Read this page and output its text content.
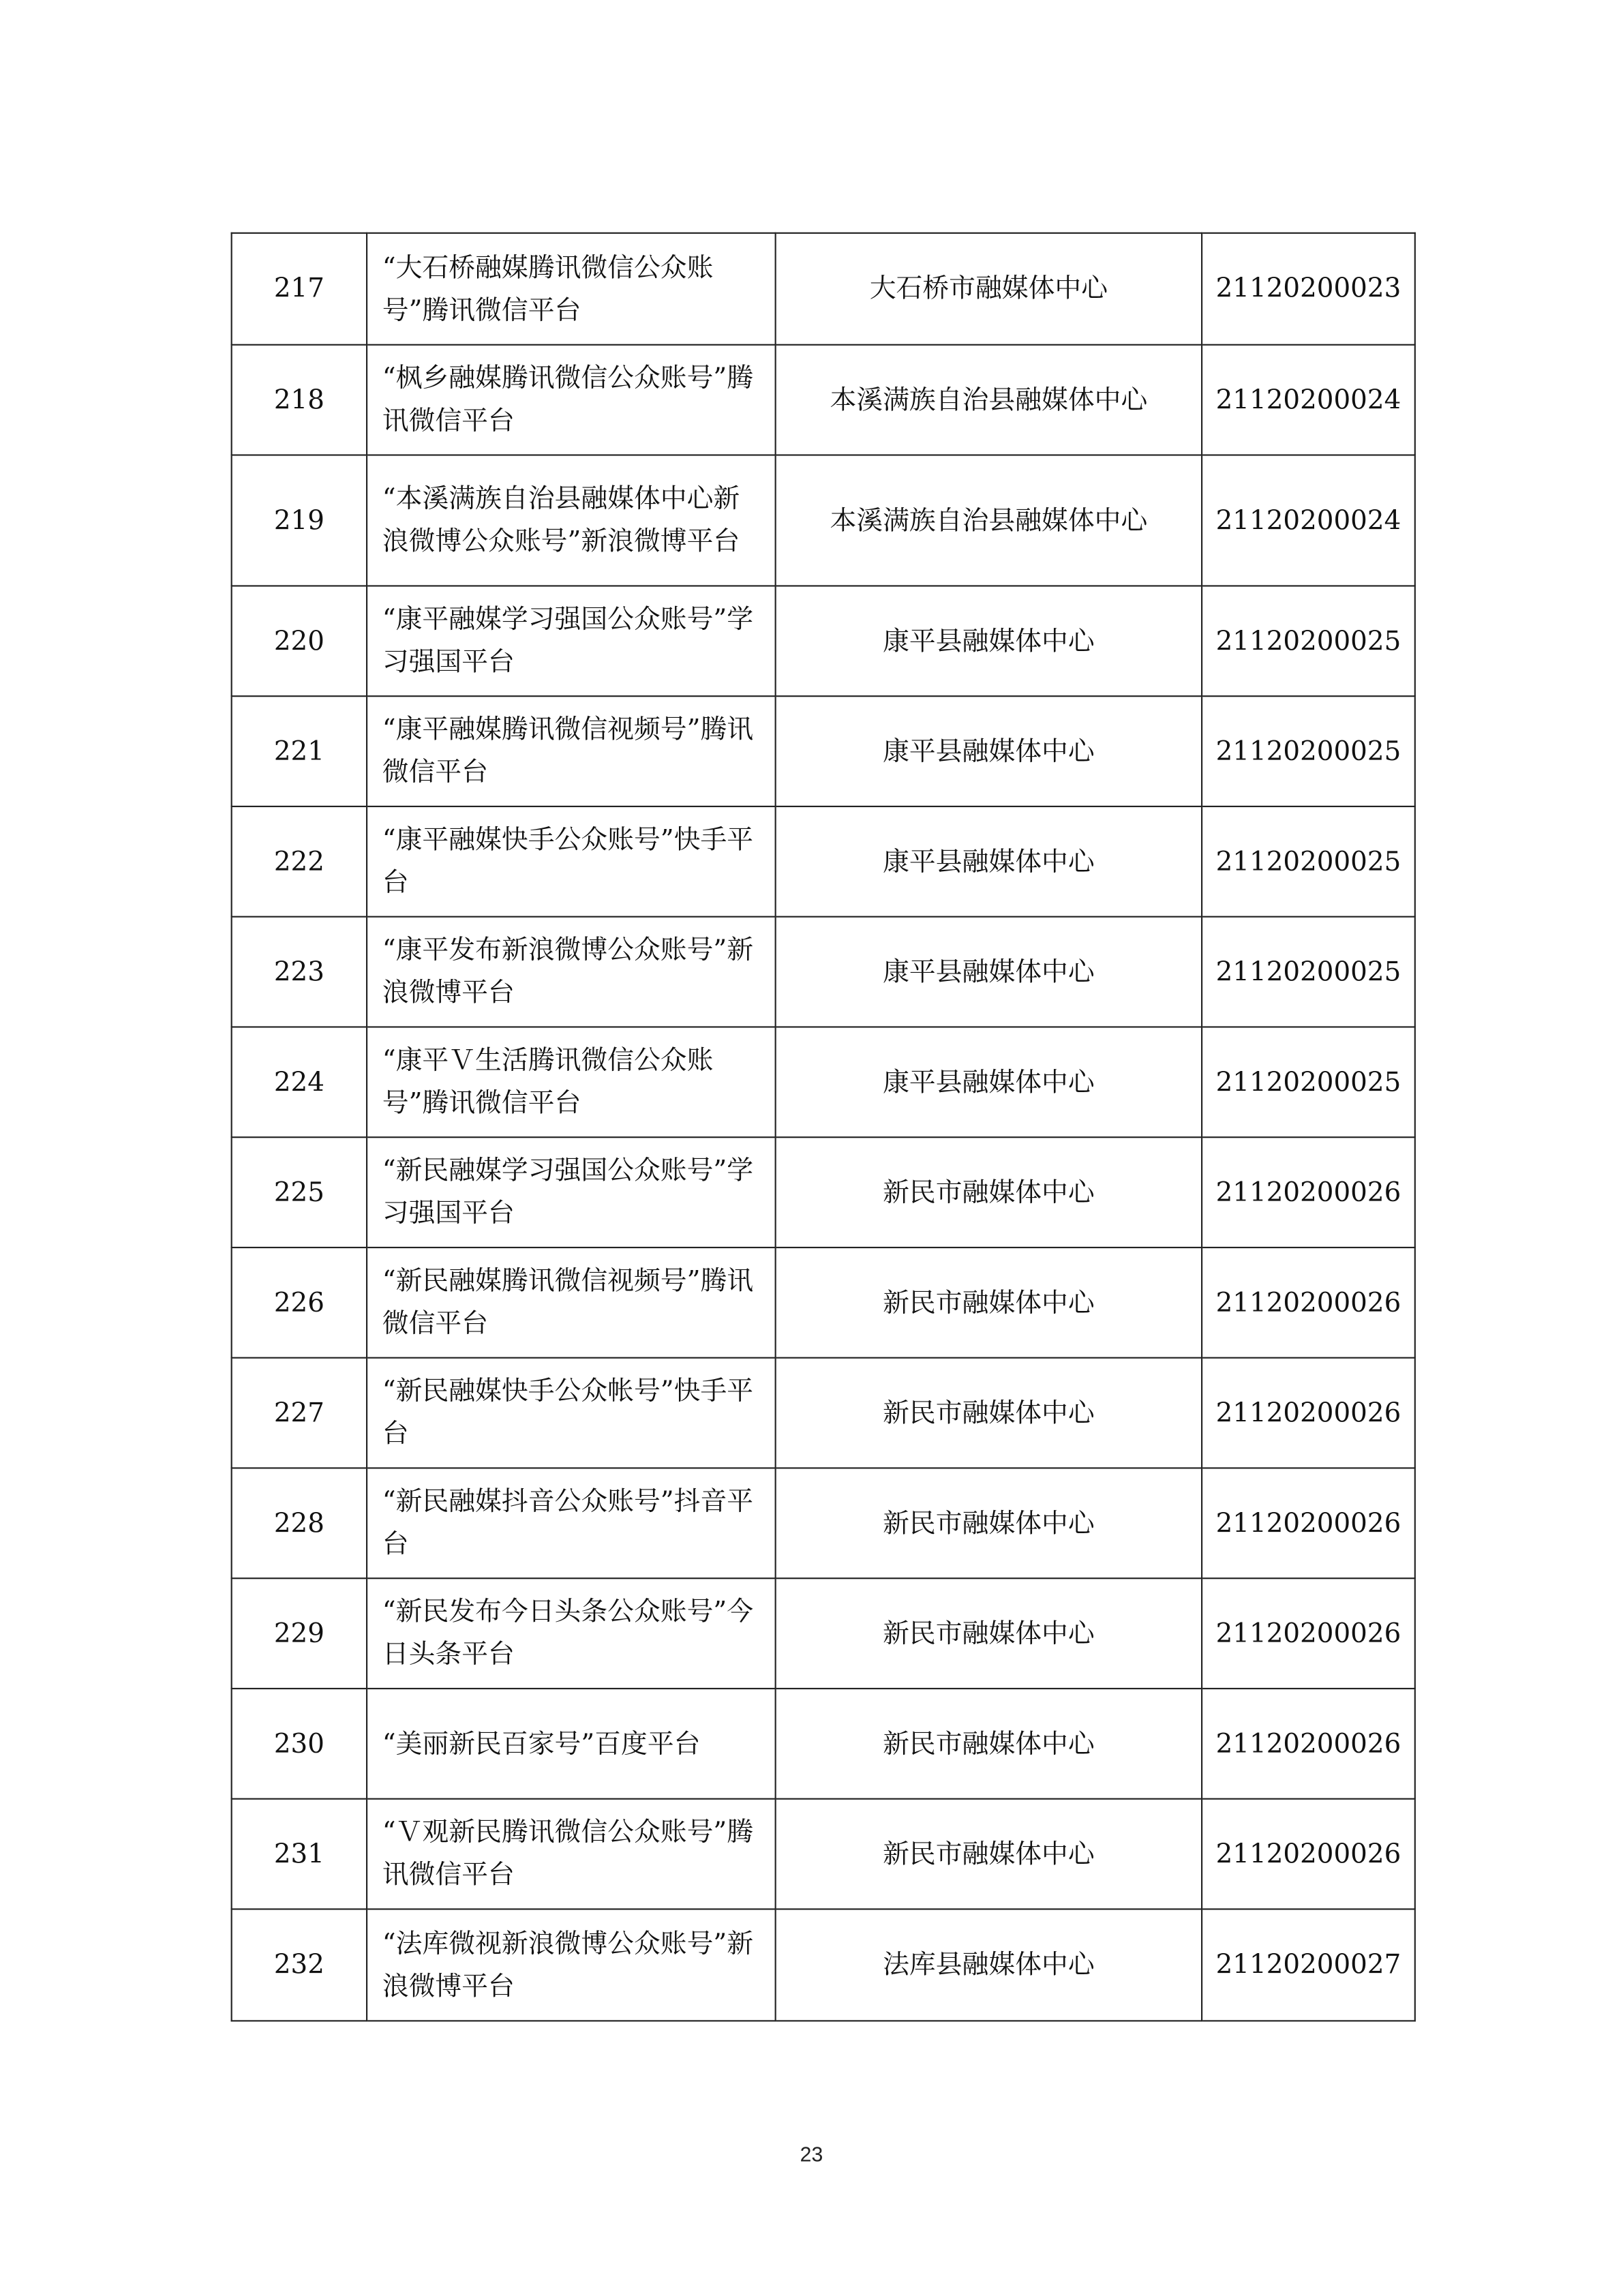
217	“大石桥融媒腾讯微信公众账号”腾讯微信平台	大石桥市融媒体中心	21120200023
218	“枫乡融媒腾讯微信公众账号”腾讯微信平台	本溪满族自治县融媒体中心	21120200024
219	“本溪满族自治县融媒体中心新浪微博公众账号”新浪微博平台	本溪满族自治县融媒体中心	21120200024
220	“康平融媒学习强国公众账号”学习强国平台	康平县融媒体中心	21120200025
221	“康平融媒腾讯微信视频号”腾讯微信平台	康平县融媒体中心	21120200025
222	“康平融媒快手公众账号”快手平台	康平县融媒体中心	21120200025
223	“康平发布新浪微博公众账号”新浪微博平台	康平县融媒体中心	21120200025
224	“康平Ｖ生活腾讯微信公众账号”腾讯微信平台	康平县融媒体中心	21120200025
225	“新民融媒学习强国公众账号”学习强国平台	新民市融媒体中心	21120200026
226	“新民融媒腾讯微信视频号”腾讯微信平台	新民市融媒体中心	21120200026
227	“新民融媒快手公众帐号”快手平台	新民市融媒体中心	21120200026
228	“新民融媒抖音公众账号”抖音平台	新民市融媒体中心	21120200026
229	“新民发布今日头条公众账号”今日头条平台	新民市融媒体中心	21120200026
230	“美丽新民百家号”百度平台	新民市融媒体中心	21120200026
231	“Ｖ观新民腾讯微信公众账号”腾讯微信平台	新民市融媒体中心	21120200026
232	“法库微视新浪微博公众账号”新浪微博平台	法库县融媒体中心	21120200027
23
